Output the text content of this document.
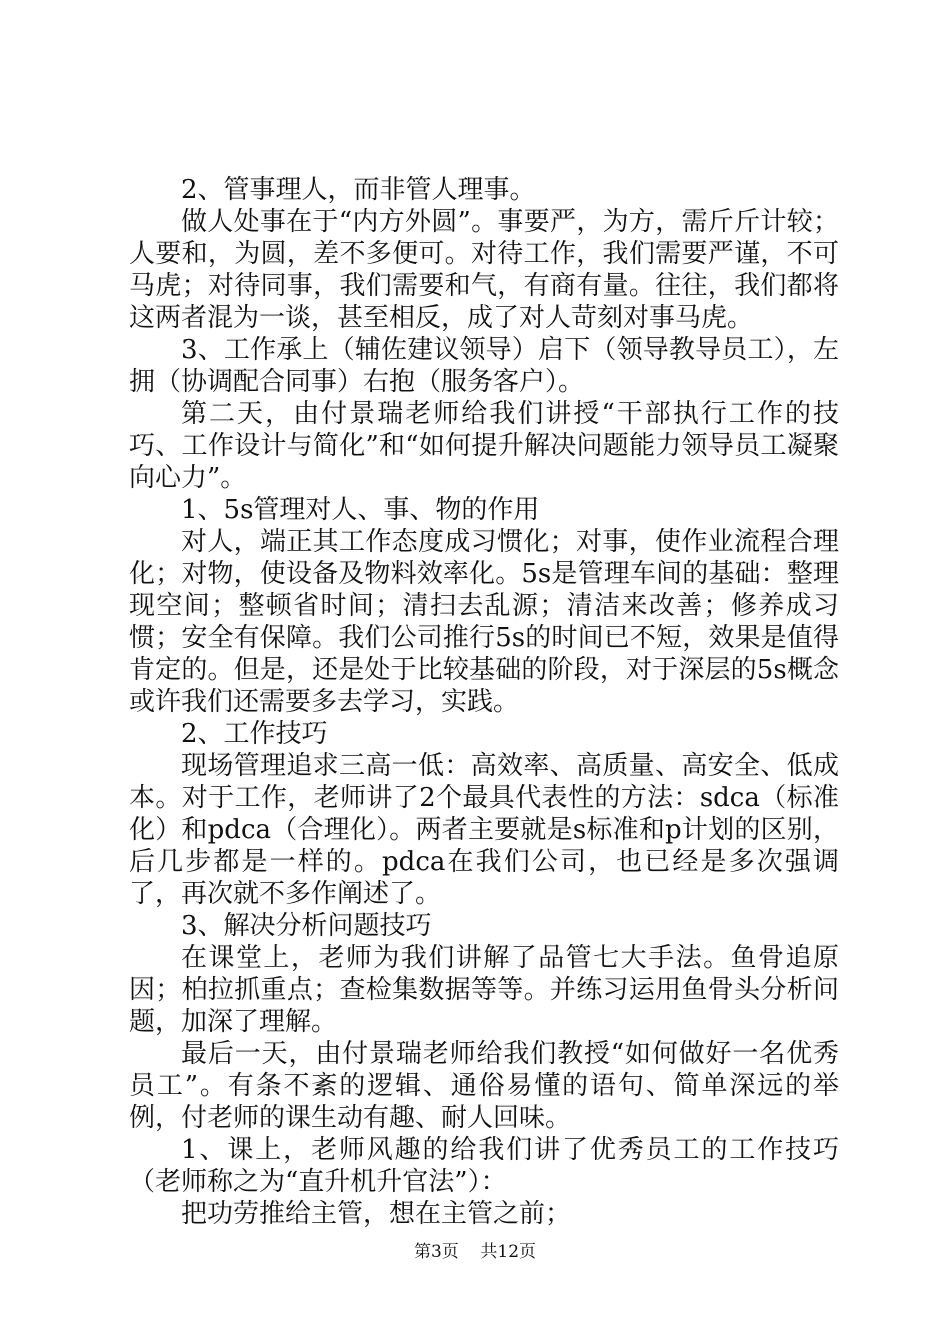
2、管事理人，而非管人理事。

做人处事在于“内方外圆”。事要严，为方，需斤斤计较；人要和，为圆，差不多便可。对待工作，我们需要严谨，不可马虎；对待同事，我们需要和气，有商有量。往往，我们都将这两者混为一谈，甚至相反，成了对人苛刻对事马虎。

3、工作承上（辅佐建议领导）启下（领导教导员工），左拥（协调配合同事）右抱（服务客户）。

第二天，由付景瑞老师给我们讲授“干部执行工作的技巧、工作设计与简化”和“如何提升解决问题能力领导员工凝聚向心力”。

1、5s管理对人、事、物的作用

对人，端正其工作态度成习惯化；对事，使作业流程合理化；对物，使设备及物料效率化。5s是管理车间的基础：整理现空间；整顿省时间；清扫去乱源；清洁来改善；修养成习惯；安全有保障。我们公司推行5s的时间已不短，效果是值得肯定的。但是，还是处于比较基础的阶段，对于深层的5s概念或许我们还需要多去学习，实践。

2、工作技巧

现场管理追求三高一低：高效率、高质量、高安全、低成本。对于工作，老师讲了2个最具代表性的方法：sdca（标准化）和pdca（合理化）。两者主要就是s标准和p计划的区别，后几步都是一样的。pdca在我们公司，也已经是多次强调了，再次就不多作阐述了。

3、解决分析问题技巧

在课堂上，老师为我们讲解了品管七大手法。鱼骨追原因；柏拉抓重点；查检集数据等等。并练习运用鱼骨头分析问题，加深了理解。

最后一天，由付景瑞老师给我们教授“如何做好一名优秀员工”。有条不紊的逻辑、通俗易懂的语句、简单深远的举例，付老师的课生动有趣、耐人回味。

1、课上，老师风趣的给我们讲了优秀员工的工作技巧（老师称之为“直升机升官法”）：

把功劳推给主管，想在主管之前；

第3页 共12页
